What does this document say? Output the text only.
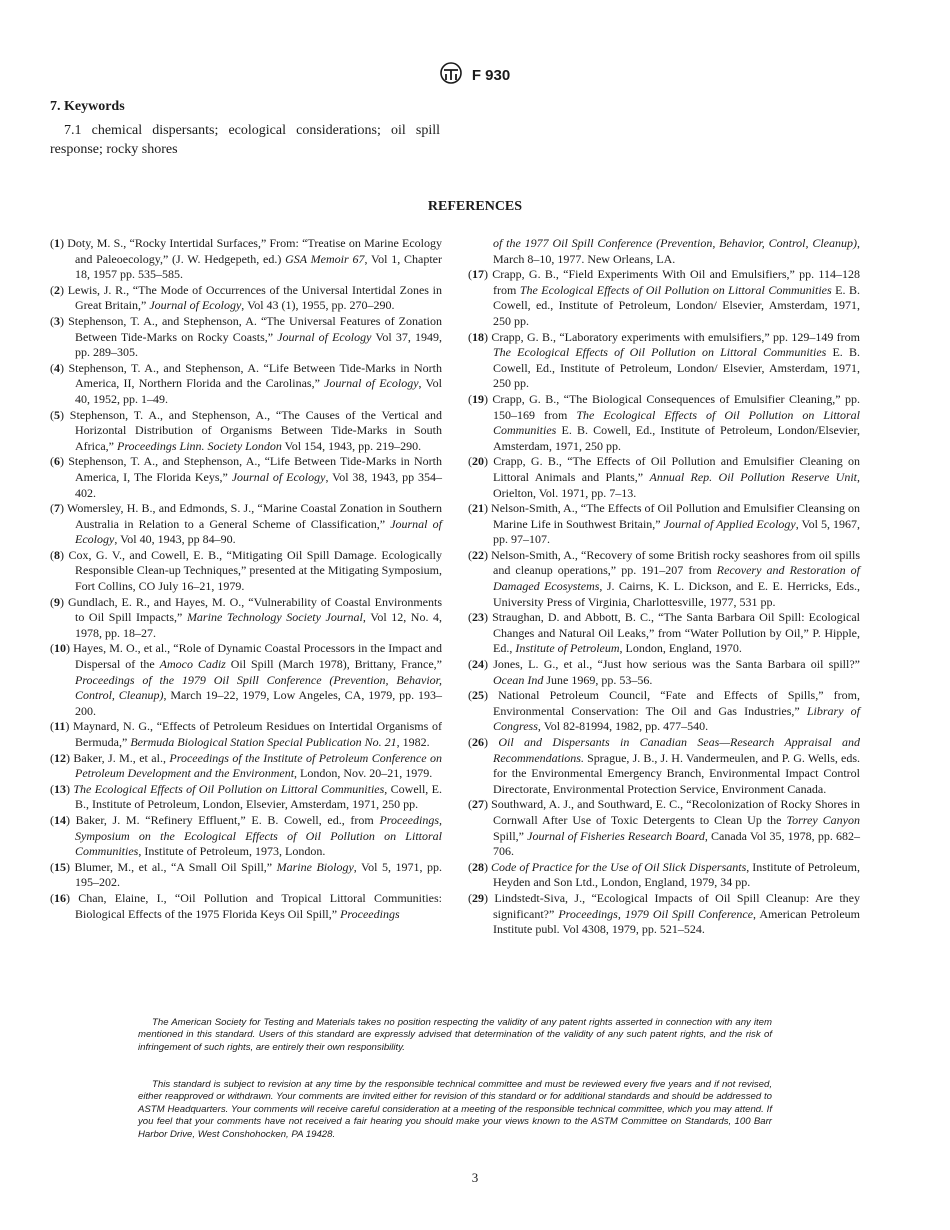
F 930
7. Keywords
7.1 chemical dispersants; ecological considerations; oil spill response; rocky shores
REFERENCES

(1) Doty, M. S., “Rocky Intertidal Surfaces,” From: “Treatise on Marine Ecology and Paleoecology,” (J. W. Hedgepeth, ed.) GSA Memoir 67, Vol 1, Chapter 18, 1957 pp. 535–585.

(2) Lewis, J. R., “The Mode of Occurrences of the Universal Intertidal Zones in Great Britain,” Journal of Ecology, Vol 43 (1), 1955, pp. 270–290.

(3) Stephenson, T. A., and Stephenson, A. “The Universal Features of Zonation Between Tide-Marks on Rocky Coasts,” Journal of Ecology Vol 37, 1949, pp. 289–305.

(4) Stephenson, T. A., and Stephenson, A. “Life Between Tide-Marks in North America, II, Northern Florida and the Carolinas,” Journal of Ecology, Vol 40, 1952, pp. 1–49.

(5) Stephenson, T. A., and Stephenson, A., “The Causes of the Vertical and Horizontal Distribution of Organisms Between Tide-Marks in South Africa,” Proceedings Linn. Society London Vol 154, 1943, pp. 219–290.

(6) Stephenson, T. A., and Stephenson, A., “Life Between Tide-Marks in North America, I, The Florida Keys,” Journal of Ecology, Vol 38, 1943, pp 354–402.

(7) Womersley, H. B., and Edmonds, S. J., “Marine Coastal Zonation in Southern Australia in Relation to a General Scheme of Classification,” Journal of Ecology, Vol 40, 1943, pp 84–90.

(8) Cox, G. V., and Cowell, E. B., “Mitigating Oil Spill Damage. Ecologically Responsible Clean-up Techniques,” presented at the Mitigating Symposium, Fort Collins, CO July 16–21, 1979.

(9) Gundlach, E. R., and Hayes, M. O., “Vulnerability of Coastal Environments to Oil Spill Impacts,” Marine Technology Society Journal, Vol 12, No. 4, 1978, pp. 18–27.

(10) Hayes, M. O., et al., “Role of Dynamic Coastal Processors in the Impact and Dispersal of the Amoco Cadiz Oil Spill (March 1978), Brittany, France,” Proceedings of the 1979 Oil Spill Conference (Prevention, Behavior, Control, Cleanup), March 19–22, 1979, Low Angeles, CA, 1979, pp. 193–200.

(11) Maynard, N. G., “Effects of Petroleum Residues on Intertidal Organisms of Bermuda,” Bermuda Biological Station Special Publication No. 21, 1982.

(12) Baker, J. M., et al., Proceedings of the Institute of Petroleum Conference on Petroleum Development and the Environment, London, Nov. 20–21, 1979.

(13) The Ecological Effects of Oil Pollution on Littoral Communities, Cowell, E. B., Institute of Petroleum, London, Elsevier, Amsterdam, 1971, 250 pp.

(14) Baker, J. M. “Refinery Effluent,” E. B. Cowell, ed., from Proceedings, Symposium on the Ecological Effects of Oil Pollution on Littoral Communities, Institute of Petroleum, 1973, London.

(15) Blumer, M., et al., “A Small Oil Spill,” Marine Biology, Vol 5, 1971, pp. 195–202.

(16) Chan, Elaine, I., “Oil Pollution and Tropical Littoral Communities: Biological Effects of the 1975 Florida Keys Oil Spill,” Proceedings

of the 1977 Oil Spill Conference (Prevention, Behavior, Control, Cleanup), March 8–10, 1977. New Orleans, LA.

(17) Crapp, G. B., “Field Experiments With Oil and Emulsifiers,” pp. 114–128 from The Ecological Effects of Oil Pollution on Littoral Communities E. B. Cowell, ed., Institute of Petroleum, London/ Elsevier, Amsterdam, 1971, 250 pp.

(18) Crapp, G. B., “Laboratory experiments with emulsifiers,” pp. 129–149 from The Ecological Effects of Oil Pollution on Littoral Communities E. B. Cowell, Ed., Institute of Petroleum, London/ Elsevier, Amsterdam, 1971, 250 pp.

(19) Crapp, G. B., “The Biological Consequences of Emulsifier Cleaning,” pp. 150–169 from The Ecological Effects of Oil Pollution on Littoral Communities E. B. Cowell, Ed., Institute of Petroleum, London/Elsevier, Amsterdam, 1971, 250 pp.

(20) Crapp, G. B., “The Effects of Oil Pollution and Emulsifier Cleaning on Littoral Animals and Plants,” Annual Rep. Oil Pollution Reserve Unit, Orielton, Vol. 1971, pp. 7–13.

(21) Nelson-Smith, A., “The Effects of Oil Pollution and Emulsifier Cleansing on Marine Life in Southwest Britain,” Journal of Applied Ecology, Vol 5, 1967, pp. 97–107.

(22) Nelson-Smith, A., “Recovery of some British rocky seashores from oil spills and cleanup operations,” pp. 191–207 from Recovery and Restoration of Damaged Ecosystems, J. Cairns, K. L. Dickson, and E. E. Herricks, Eds., University Press of Virginia, Charlottesville, 1977, 531 pp.

(23) Straughan, D. and Abbott, B. C., “The Santa Barbara Oil Spill: Ecological Changes and Natural Oil Leaks,” from “Water Pollution by Oil,” P. Hipple, Ed., Institute of Petroleum, London, England, 1970.

(24) Jones, L. G., et al., “Just how serious was the Santa Barbara oil spill?” Ocean Ind June 1969, pp. 53–56.

(25) National Petroleum Council, “Fate and Effects of Spills,” from, Environmental Conservation: The Oil and Gas Industries,” Library of Congress, Vol 82-81994, 1982, pp. 477–540.

(26) Oil and Dispersants in Canadian Seas—Research Appraisal and Recommendations. Sprague, J. B., J. H. Vandermeulen, and P. G. Wells, eds. for the Environmental Emergency Branch, Environmental Impact Control Directorate, Environmental Protection Service, Environment Canada.

(27) Southward, A. J., and Southward, E. C., “Recolonization of Rocky Shores in Cornwall After Use of Toxic Detergents to Clean Up the Torrey Canyon Spill,” Journal of Fisheries Research Board, Canada Vol 35, 1978, pp. 682–706.

(28) Code of Practice for the Use of Oil Slick Dispersants, Institute of Petroleum, Heyden and Son Ltd., London, England, 1979, 34 pp.

(29) Lindstedt-Siva, J., “Ecological Impacts of Oil Spill Cleanup: Are they significant?” Proceedings, 1979 Oil Spill Conference, American Petroleum Institute publ. Vol 4308, 1979, pp. 521–524.

The American Society for Testing and Materials takes no position respecting the validity of any patent rights asserted in connection with any item mentioned in this standard. Users of this standard are expressly advised that determination of the validity of any such patent rights, and the risk of infringement of such rights, are entirely their own responsibility.
This standard is subject to revision at any time by the responsible technical committee and must be reviewed every five years and if not revised, either reapproved or withdrawn. Your comments are invited either for revision of this standard or for additional standards and should be addressed to ASTM Headquarters. Your comments will receive careful consideration at a meeting of the responsible technical committee, which you may attend. If you feel that your comments have not received a fair hearing you should make your views known to the ASTM Committee on Standards, 100 Barr Harbor Drive, West Conshohocken, PA 19428.
3
